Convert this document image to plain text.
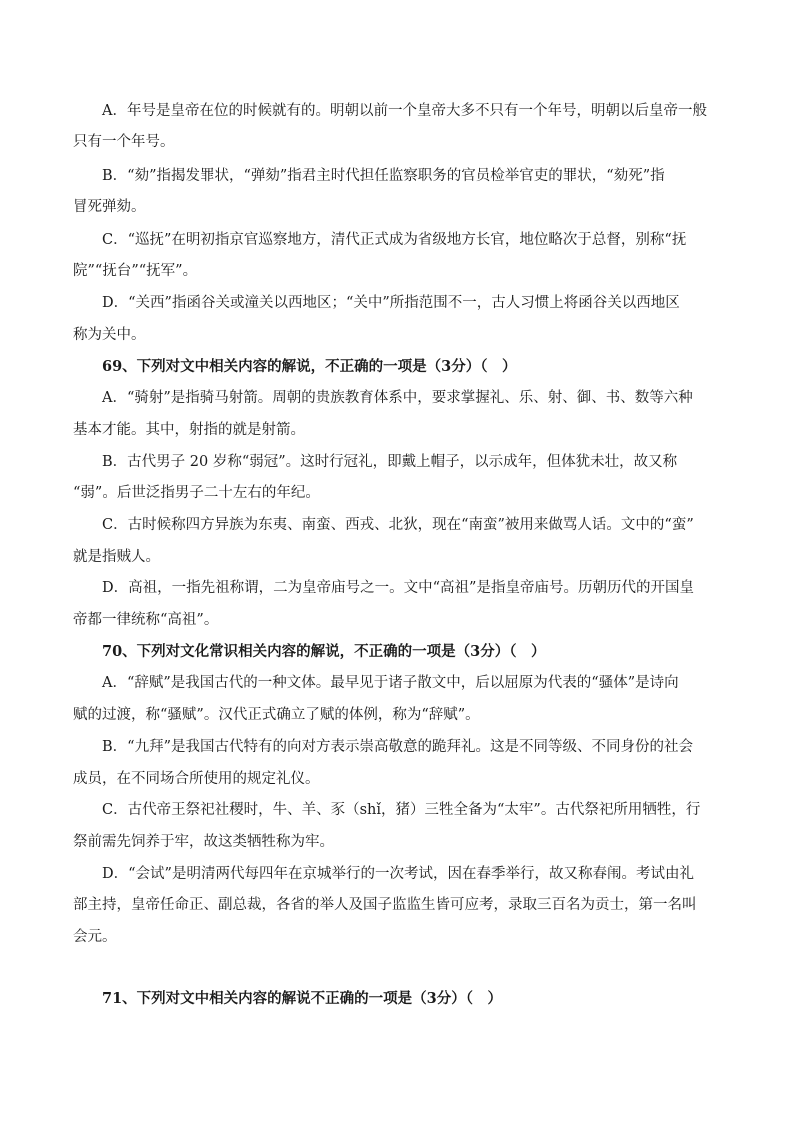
A．年号是皇帝在位的时候就有的。明朝以前一个皇帝大多不只有一个年号，明朝以后皇帝一般
只有一个年号。
B．“劾”指揭发罪状，“弹劾”指君主时代担任监察职务的官员检举官吏的罪状，“劾死”指
冒死弹劾。
C．“巡抚”在明初指京官巡察地方，清代正式成为省级地方长官，地位略次于总督，别称“抚
院”“抚台”“抚军”。
D．“关西”指函谷关或潼关以西地区；“关中”所指范围不一，古人习惯上将函谷关以西地区
称为关中。
69、下列对文中相关内容的解说，不正确的一项是（3分）（　）
A．“骑射”是指骑马射箭。周朝的贵族教育体系中，要求掌握礼、乐、射、御、书、数等六种
基本才能。其中，射指的就是射箭。
B．古代男子 20 岁称“弱冠”。这时行冠礼，即戴上帽子，以示成年，但体犹未壮，故又称
“弱”。后世泛指男子二十左右的年纪。
C．古时候称四方异族为东夷、南蛮、西戎、北狄，现在“南蛮”被用来做骂人话。文中的“蛮”
就是指贼人。
D．高祖，一指先祖称谓，二为皇帝庙号之一。文中“高祖”是指皇帝庙号。历朝历代的开国皇
帝都一律统称“高祖”。
70、下列对文化常识相关内容的解说，不正确的一项是（3分）（　）
A．“辞赋”是我国古代的一种文体。最早见于诸子散文中，后以屈原为代表的“骚体”是诗向
赋的过渡，称“骚赋”。汉代正式确立了赋的体例，称为“辞赋”。
B．“九拜”是我国古代特有的向对方表示崇高敬意的跪拜礼。这是不同等级、不同身份的社会
成员，在不同场合所使用的规定礼仪。
C．古代帝王祭祀社稷时，牛、羊、豕（shǐ，猪）三牲全备为“太牢”。古代祭祀所用牺牲，行
祭前需先饲养于牢，故这类牺牲称为牢。
D．“会试”是明清两代每四年在京城举行的一次考试，因在春季举行，故又称春闱。考试由礼
部主持，皇帝任命正、副总裁，各省的举人及国子监监生皆可应考，录取三百名为贡士，第一名叫
会元。
71、下列对文中相关内容的解说不正确的一项是（3分）（　）
